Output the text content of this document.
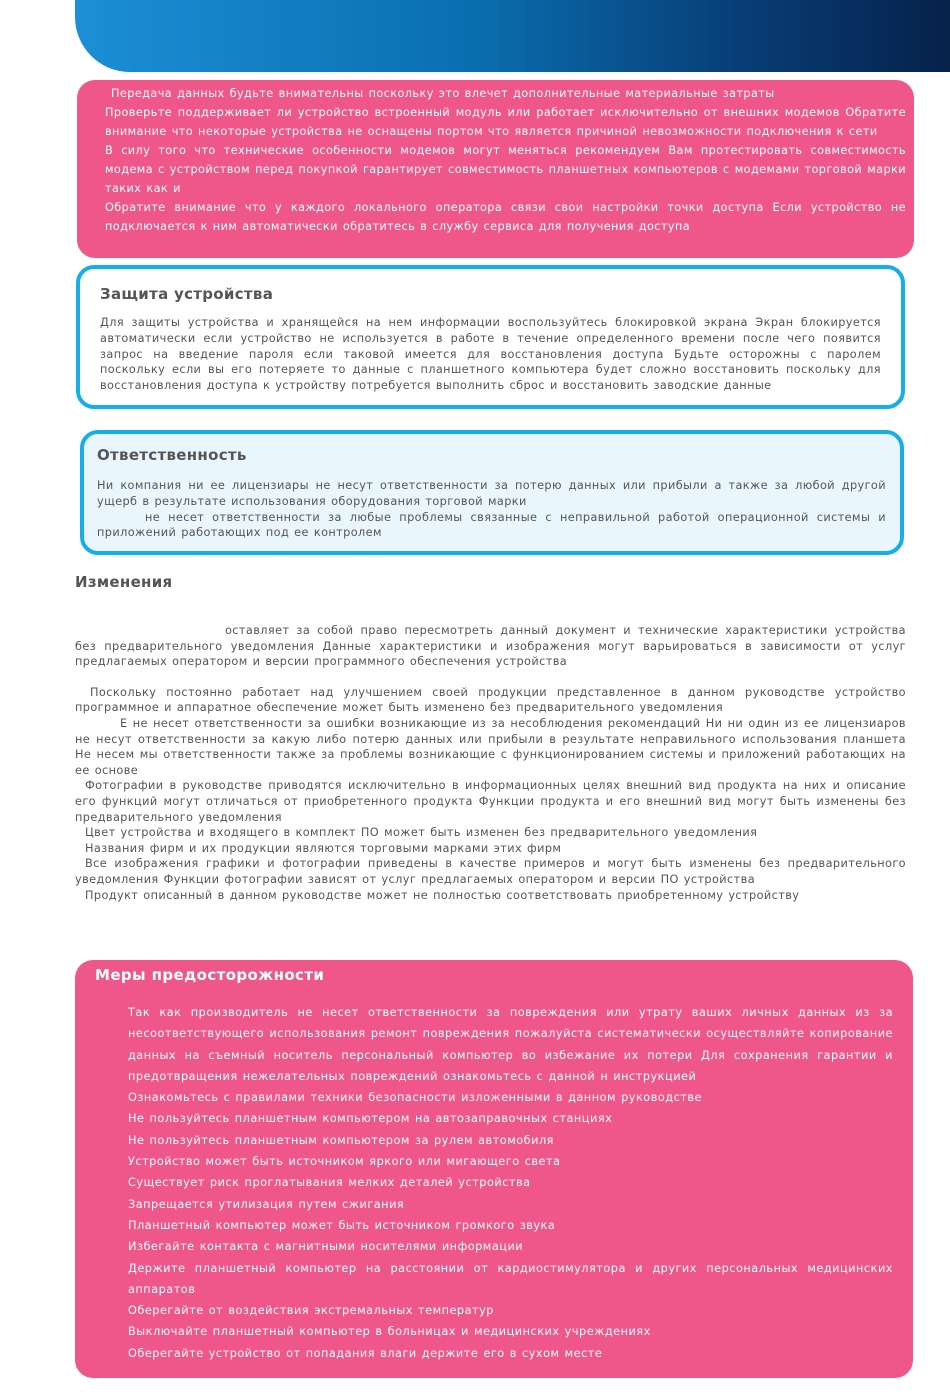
Передача данных будьте внимательны поскольку это влечет дополнительные материальные затраты

Проверьте поддерживает ли устройство встроенный модуль или работает исключительно от внешних модемов Обратите внимание что некоторые устройства не оснащены портом что является причиной невозможности подключения к сети

В силу того что технические особенности модемов могут меняться рекомендуем Вам протестировать совместимость модема с устройством перед покупкой гарантирует совместимость планшетных компьютеров с модемами торговой марки таких как и

Обратите внимание что у каждого локального оператора связи свои настройки точки доступа Если устройство не подключается к ним автоматически обратитесь в службу сервиса для получения доступа

Защита устройства

Для защиты устройства и хранящейся на нем информации воспользуйтесь блокировкой экрана Экран блокируется автоматически если устройство не используется в работе в течение определенного времени после чего появится запрос на введение пароля если таковой имеется для восстановления доступа Будьте осторожны с паролем поскольку если вы его потеряете то данные с планшетного компьютера будет сложно восстановить поскольку для восстановления доступа к устройству потребуется выполнить сброс и восстановить заводские данные

Ответственность

Ни компания ни ее лицензиары не несут ответственности за потерю данных или прибыли а также за любой другой ущерб в результате использования оборудования торговой марки

не несет ответственности за любые проблемы связанные с неправильной работой операционной системы и приложений работающих под ее контролем

Изменения

оставляет за собой право пересмотреть данный документ и технические характеристики устройства без предварительного уведомления Данные характеристики и изображения могут варьироваться в зависимости от услуг предлагаемых оператором и версии программного обеспечения устройства

Поскольку постоянно работает над улучшением своей продукции представленное в данном руководстве устройство программное и аппаратное обеспечение может быть изменено без предварительного уведомления

Е не несет ответственности за ошибки возникающие из за несоблюдения рекомендаций Ни ни один из ее лицензиаров не несут ответственности за какую либо потерю данных или прибыли в результате неправильного использования планшета Не несем мы ответственности также за проблемы возникающие с функционированием системы и приложений работающих на ее основе

Фотографии в руководстве приводятся исключительно в информационных целях внешний вид продукта на них и описание его функций могут отличаться от приобретенного продукта Функции продукта и его внешний вид могут быть изменены без предварительного уведомления

Цвет устройства и входящего в комплект ПО может быть изменен без предварительного уведомления

Названия фирм и их продукции являются торговыми марками этих фирм

Все изображения графики и фотографии приведены в качестве примеров и могут быть изменены без предварительного уведомления Функции фотографии зависят от услуг предлагаемых оператором и версии ПО устройства

Продукт описанный в данном руководстве может не полностью соответствовать приобретенному устройству

Меры предосторожности
Так как производитель не несет ответственности за повреждения или утрату ваших личных данных из за несоответствующего использования ремонт повреждения пожалуйста систематически осуществляйте копирование данных на съемный носитель персональный компьютер во избежание их потери Для сохранения гарантии и предотвращения нежелательных повреждений ознакомьтесь с данной н инструкцией
Ознакомьтесь с правилами техники безопасности изложенными в данном руководстве
Не пользуйтесь планшетным компьютером на автозаправочных станциях
Не пользуйтесь планшетным компьютером за рулем автомобиля
Устройство может быть источником яркого или мигающего света
Существует риск проглатывания мелких деталей устройства
Запрещается утилизация путем сжигания
Планшетный компьютер может быть источником громкого звука
Избегайте контакта с магнитными носителями информации
Держите планшетный компьютер на расстоянии от кардиостимулятора и других персональных медицинских аппаратов
Оберегайте от воздействия экстремальных температур
Выключайте планшетный компьютер в больницах и медицинских учреждениях
Оберегайте устройство от попадания влаги держите его в сухом месте
